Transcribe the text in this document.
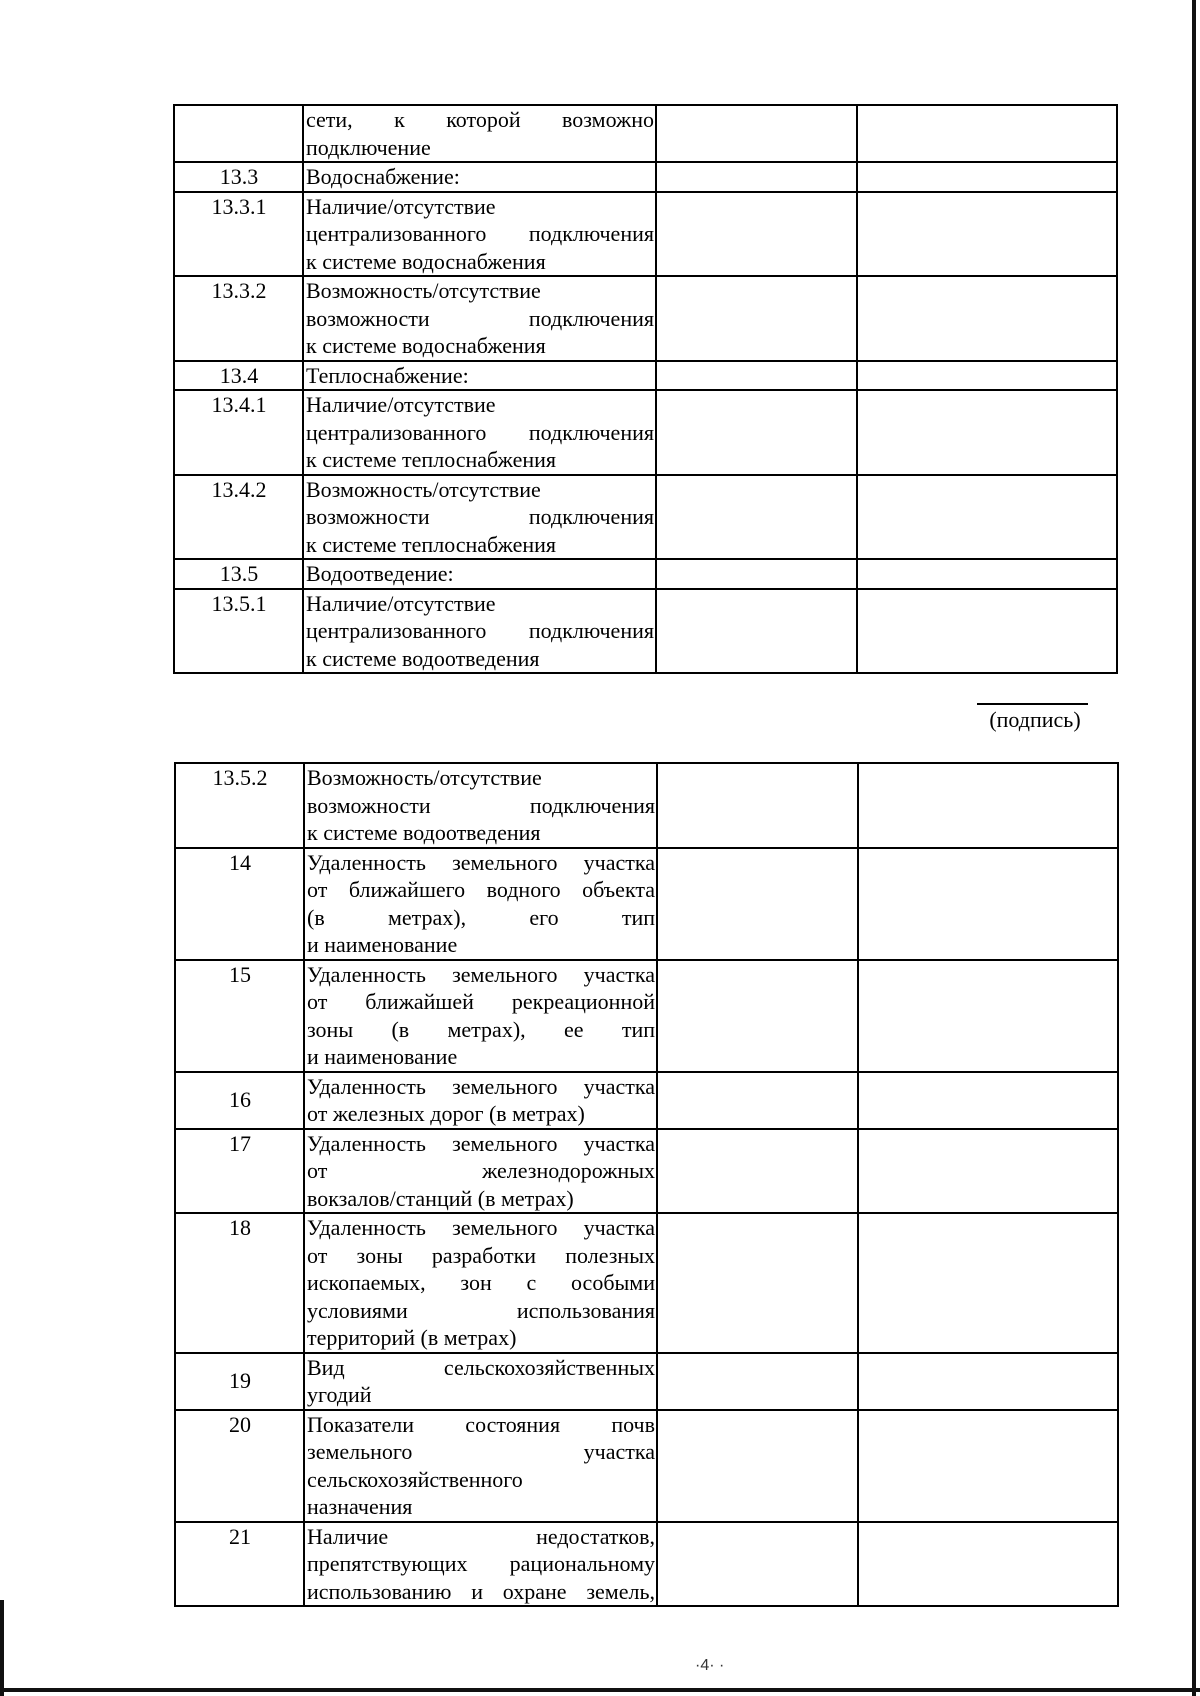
	сети, к которой возможно
подключение		

13.3	Водоснабжение:		

13.3.1	Наличие/отсутствие
централизованного подключения
к системе водоснабжения		

13.3.2	Возможность/отсутствие
возможности подключения
к системе водоснабжения		

13.4	Теплоснабжение:		

13.4.1	Наличие/отсутствие
централизованного подключения
к системе теплоснабжения		

13.4.2	Возможность/отсутствие
возможности подключения
к системе теплоснабжения		

13.5	Водоотведение:		

13.5.1	Наличие/отсутствие
централизованного подключения
к системе водоотведения		

(подпись)
13.5.2	Возможность/отсутствие
возможности подключения
к системе водоотведения		

14	Удаленность земельного участка
от ближайшего водного объекта
(в метрах), его тип
и наименование		

15	Удаленность земельного участка
от ближайшей рекреационной
зоны (в метрах), ее тип
и наименование		

16	Удаленность земельного участка
от железных дорог (в метрах)		

17	Удаленность земельного участка
от железнодорожных
вокзалов/станций (в метрах)		

18	Удаленность земельного участка
от зоны разработки полезных
ископаемых, зон с особыми
условиями использования
территорий (в метрах)		

19	Вид сельскохозяйственных
угодий		

20	Показатели состояния почв
земельного участка
сельскохозяйственного
назначения		

21	Наличие недостатков,
препятствующих рациональному
использованию и охране земель,		

·4· ·
